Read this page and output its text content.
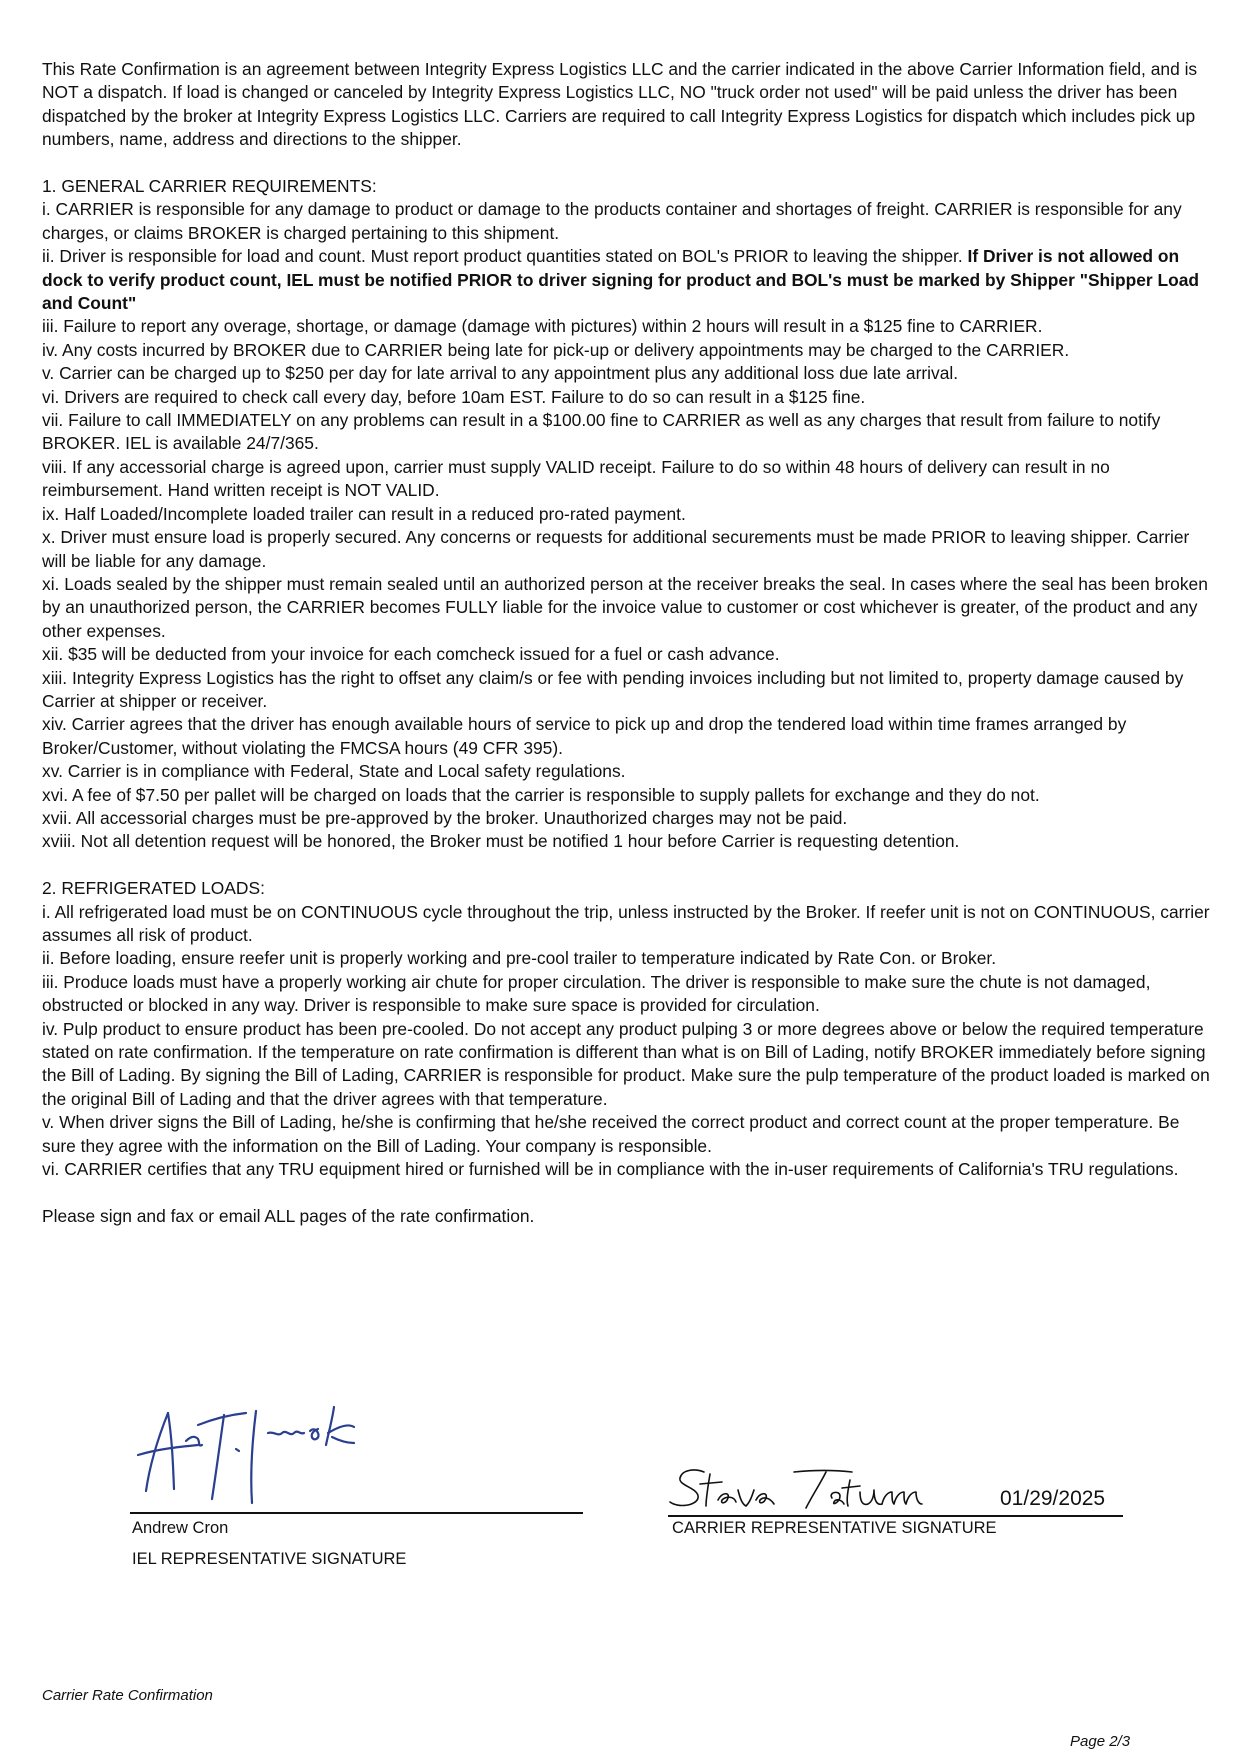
This Rate Confirmation is an agreement between Integrity Express Logistics LLC and the carrier indicated in the above Carrier Information field, and is NOT a dispatch. If load is changed or canceled by Integrity Express Logistics LLC, NO "truck order not used" will be paid unless the driver has been dispatched by the broker at Integrity Express Logistics LLC. Carriers are required to call Integrity Express Logistics for dispatch which includes pick up numbers, name, address and directions to the shipper.

1. GENERAL CARRIER REQUIREMENTS:

i. CARRIER is responsible for any damage to product or damage to the products container and shortages of freight. CARRIER is responsible for any charges, or claims BROKER is charged pertaining to this shipment.

ii. Driver is responsible for load and count. Must report product quantities stated on BOL's PRIOR to leaving the shipper. If Driver is not allowed on dock to verify product count, IEL must be notified PRIOR to driver signing for product and BOL's must be marked by Shipper "Shipper Load and Count"

iii. Failure to report any overage, shortage, or damage (damage with pictures) within 2 hours will result in a $125 fine to CARRIER.

iv. Any costs incurred by BROKER due to CARRIER being late for pick-up or delivery appointments may be charged to the CARRIER.

v. Carrier can be charged up to $250 per day for late arrival to any appointment plus any additional loss due late arrival.

vi. Drivers are required to check call every day, before 10am EST. Failure to do so can result in a $125 fine.

vii. Failure to call IMMEDIATELY on any problems can result in a $100.00 fine to CARRIER as well as any charges that result from failure to notify BROKER. IEL is available 24/7/365.

viii. If any accessorial charge is agreed upon, carrier must supply VALID receipt. Failure to do so within 48 hours of delivery can result in no reimbursement. Hand written receipt is NOT VALID.

ix. Half Loaded/Incomplete loaded trailer can result in a reduced pro-rated payment.

x. Driver must ensure load is properly secured. Any concerns or requests for additional securements must be made PRIOR to leaving shipper. Carrier will be liable for any damage.

xi. Loads sealed by the shipper must remain sealed until an authorized person at the receiver breaks the seal. In cases where the seal has been broken by an unauthorized person, the CARRIER becomes FULLY liable for the invoice value to customer or cost whichever is greater, of the product and any other expenses.

xii. $35 will be deducted from your invoice for each comcheck issued for a fuel or cash advance.

xiii. Integrity Express Logistics has the right to offset any claim/s or fee with pending invoices including but not limited to, property damage caused by Carrier at shipper or receiver.

xiv. Carrier agrees that the driver has enough available hours of service to pick up and drop the tendered load within time frames arranged by Broker/Customer, without violating the FMCSA hours (49 CFR 395).

xv. Carrier is in compliance with Federal, State and Local safety regulations.

xvi. A fee of $7.50 per pallet will be charged on loads that the carrier is responsible to supply pallets for exchange and they do not.

xvii. All accessorial charges must be pre-approved by the broker. Unauthorized charges may not be paid.

xviii. Not all detention request will be honored, the Broker must be notified 1 hour before Carrier is requesting detention.

2. REFRIGERATED LOADS:

i. All refrigerated load must be on CONTINUOUS cycle throughout the trip, unless instructed by the Broker. If reefer unit is not on CONTINUOUS, carrier assumes all risk of product.

ii. Before loading, ensure reefer unit is properly working and pre-cool trailer to temperature indicated by Rate Con. or Broker.

iii. Produce loads must have a properly working air chute for proper circulation. The driver is responsible to make sure the chute is not damaged, obstructed or blocked in any way. Driver is responsible to make sure space is provided for circulation.

iv. Pulp product to ensure product has been pre-cooled. Do not accept any product pulping 3 or more degrees above or below the required temperature stated on rate confirmation. If the temperature on rate confirmation is different than what is on Bill of Lading, notify BROKER immediately before signing the Bill of Lading. By signing the Bill of Lading, CARRIER is responsible for product. Make sure the pulp temperature of the product loaded is marked on the original Bill of Lading and that the driver agrees with that temperature.

v. When driver signs the Bill of Lading, he/she is confirming that he/she received the correct product and correct count at the proper temperature. Be sure they agree with the information on the Bill of Lading. Your company is responsible.

vi. CARRIER certifies that any TRU equipment hired or furnished will be in compliance with the in-user requirements of California's TRU regulations.

Please sign and fax or email ALL pages of the rate confirmation.

Andrew Cron
IEL REPRESENTATIVE SIGNATURE
01/29/2025
CARRIER REPRESENTATIVE SIGNATURE
Carrier Rate Confirmation
Page 2/3
